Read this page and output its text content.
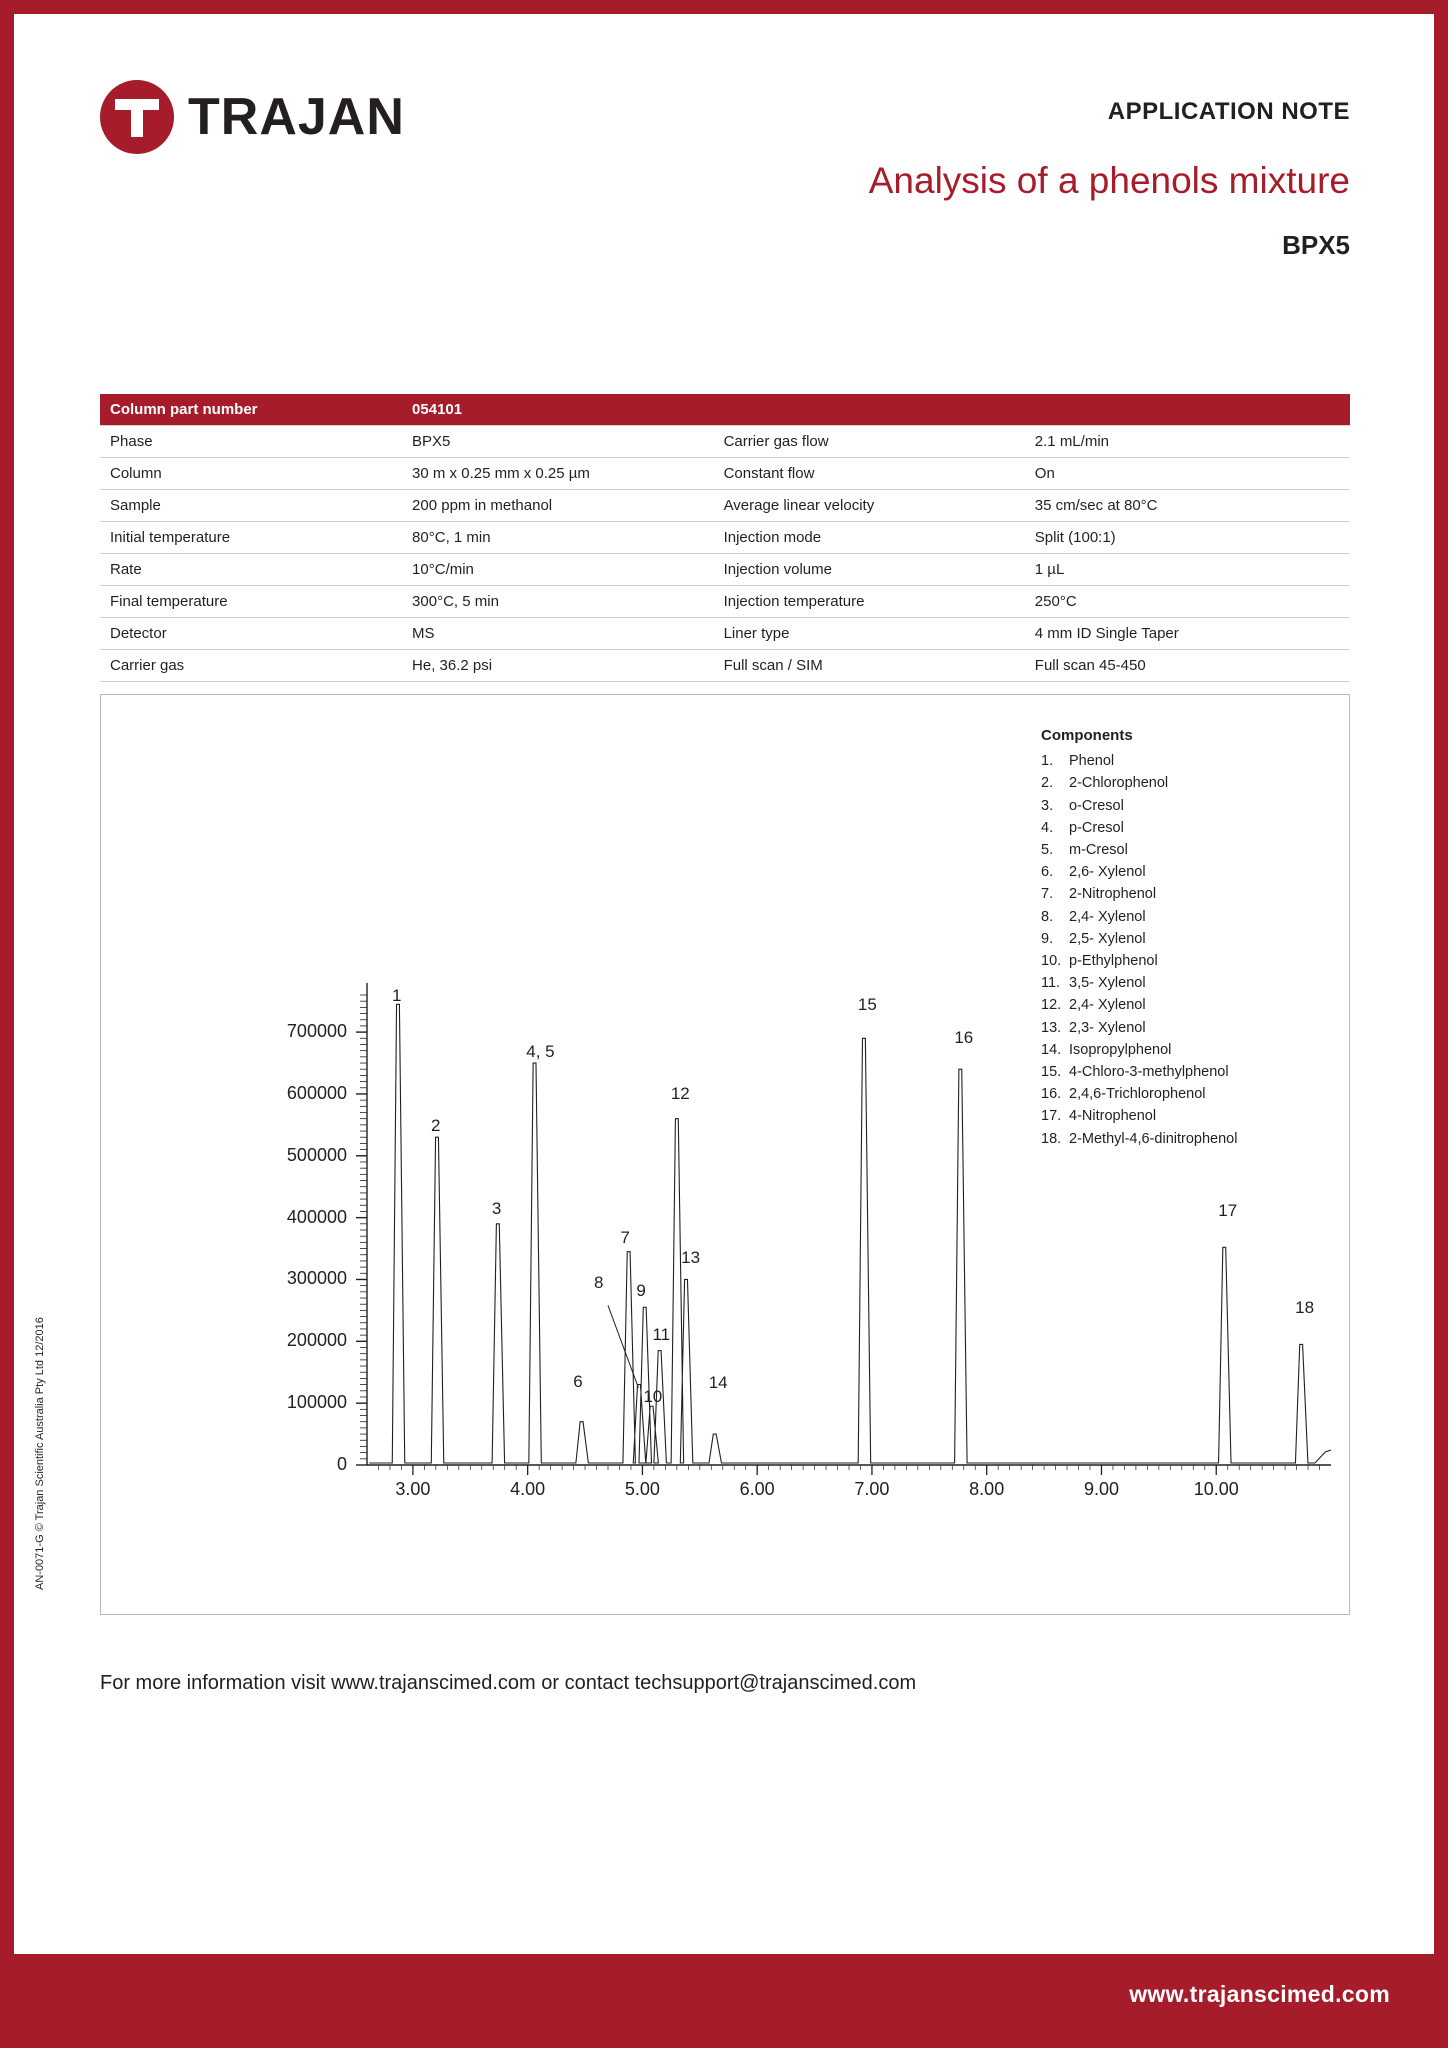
TRAJAN	APPLICATION NOTE
Analysis of a phenols mixture
BPX5
Column part number	054101		
Phase	BPX5	Carrier gas flow	2.1 mL/min
Column	30 m x 0.25 mm x 0.25 µm	Constant flow	On
Sample	200 ppm in methanol	Average linear velocity	35 cm/sec at 80°C
Initial temperature	80°C, 1 min	Injection mode	Split (100:1)
Rate	10°C/min	Injection volume	1 µL
Final temperature	300°C, 5 min	Injection temperature	250°C
Detector	MS	Liner type	4 mm ID Single Taper
Carrier gas	He, 36.2 psi	Full scan / SIM	Full scan 45-450
Components
1.	Phenol
2.	2-Chlorophenol
3.	o-Cresol
4.	p-Cresol
5.	m-Cresol
6.	2,6- Xylenol
7.	2-Nitrophenol
8.	2,4- Xylenol
9.	2,5- Xylenol
10. p-Ethylphenol
11. 3,5- Xylenol
12. 2,4- Xylenol
13. 2,3- Xylenol
14. Isopropylphenol
15. 4-Chloro-3-methylphenol
16. 2,4,6-Trichlorophenol
17. 4-Nitrophenol
18. 2-Methyl-4,6-dinitrophenol
0
100000
200000
300000
400000
500000
600000
700000
3.00	4.00	5.00	6.00	7.00	8.00	9.00	10.00
1
2
3
4, 5
6
7
8 9
10
11
12
13
14
15
16
17
18
For more information visit www.trajanscimed.com or contact techsupport@trajanscimed.com
AN-0071-G © Trajan Scientific Australia Pty Ltd 12/2016
www.trajanscimed.com
